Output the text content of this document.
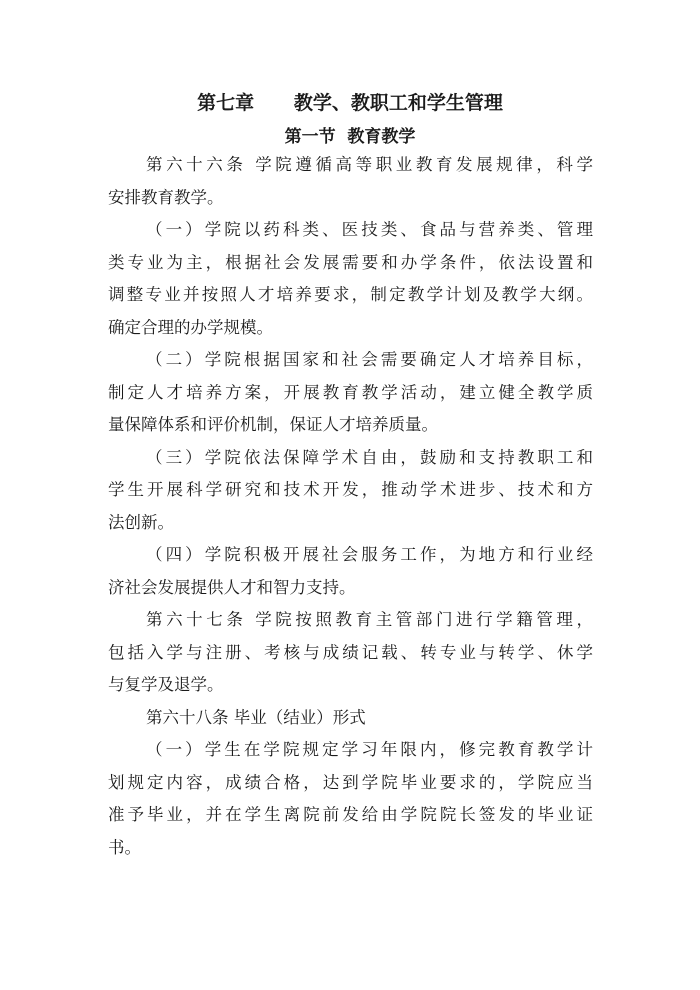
第七章      教学、教职工和学生管理
第一节  教育教学
第六十六条 学院遵循高等职业教育发展规律，科学
安排教育教学。
（一）学院以药科类、医技类、食品与营养类、管理
类专业为主，根据社会发展需要和办学条件，依法设置和
调整专业并按照人才培养要求，制定教学计划及教学大纲。
确定合理的办学规模。
（二）学院根据国家和社会需要确定人才培养目标，
制定人才培养方案，开展教育教学活动，建立健全教学质
量保障体系和评价机制，保证人才培养质量。
（三）学院依法保障学术自由，鼓励和支持教职工和
学生开展科学研究和技术开发，推动学术进步、技术和方
法创新。
（四）学院积极开展社会服务工作，为地方和行业经
济社会发展提供人才和智力支持。
第六十七条 学院按照教育主管部门进行学籍管理，
包括入学与注册、考核与成绩记载、转专业与转学、休学
与复学及退学。
第六十八条 毕业（结业）形式
（一）学生在学院规定学习年限内，修完教育教学计
划规定内容，成绩合格，达到学院毕业要求的，学院应当
准予毕业，并在学生离院前发给由学院院长签发的毕业证
书。
